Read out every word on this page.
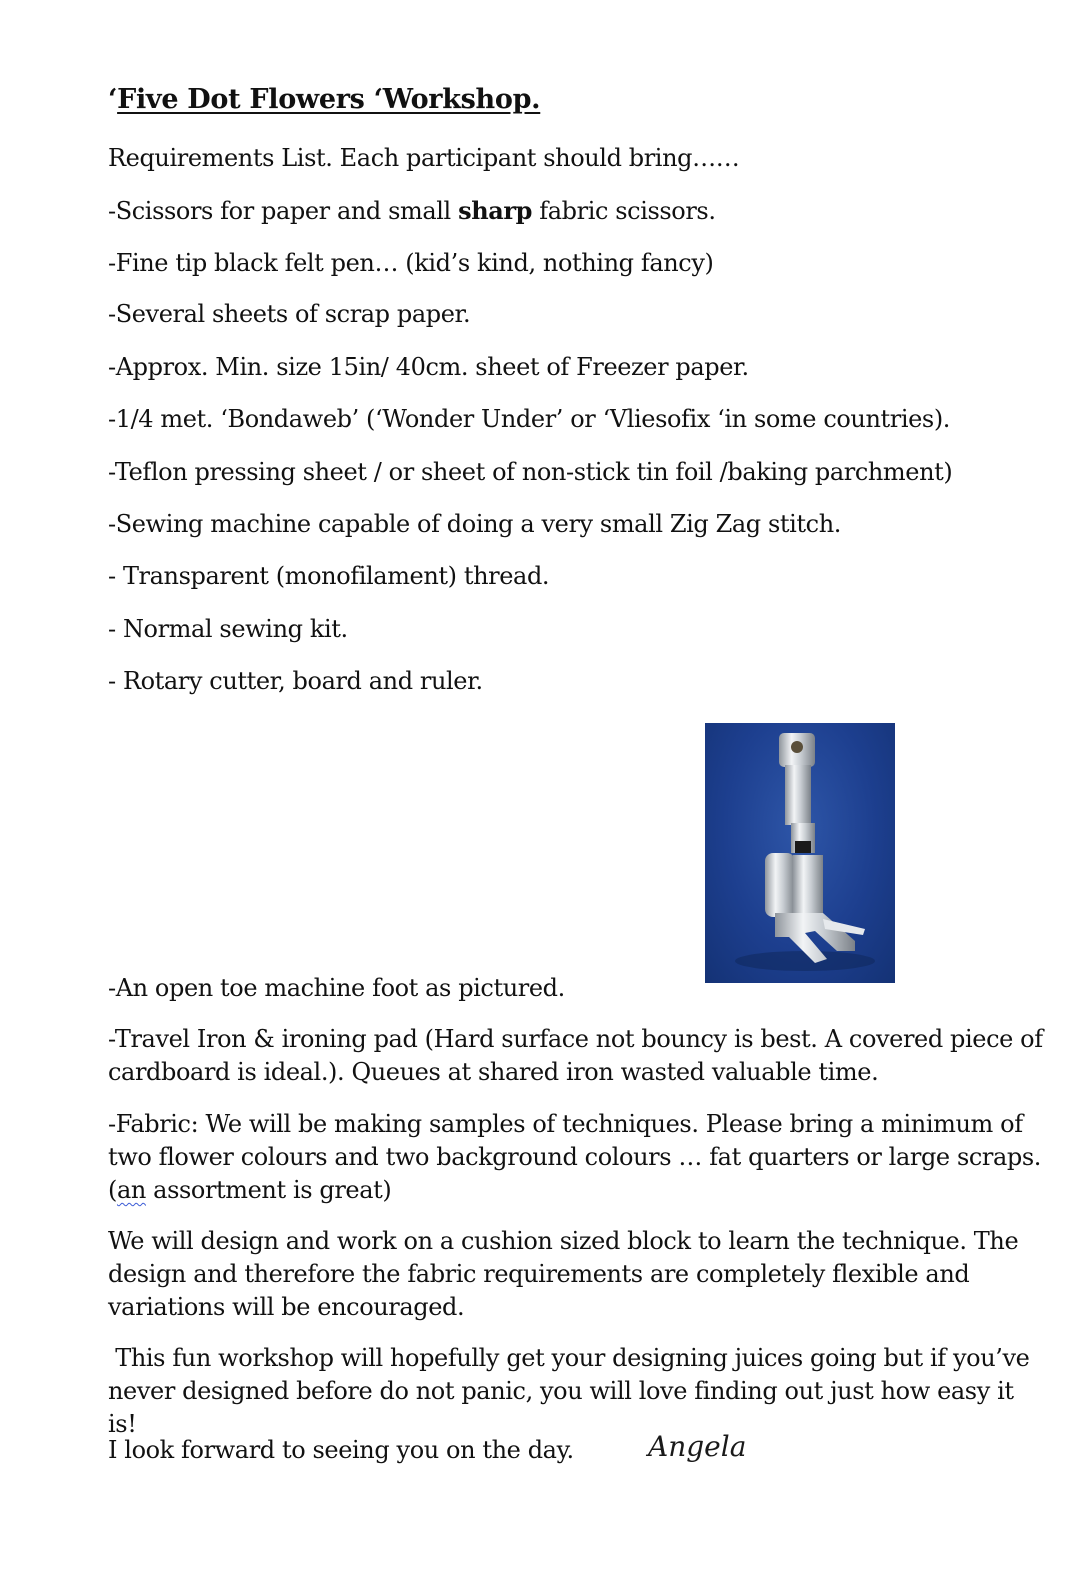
‘Five Dot Flowers ‘Workshop.
Requirements List. Each participant should bring……
-Scissors for paper and small sharp fabric scissors.
-Fine tip black felt pen… (kid’s kind, nothing fancy)
-Several sheets of scrap paper.
-Approx. Min. size 15in/ 40cm. sheet of Freezer paper.
-1/4 met. ‘Bondaweb’ (‘Wonder Under’ or ‘Vliesofix ‘in some countries).
-Teflon pressing sheet / or sheet of non-stick tin foil /baking parchment)
-Sewing machine capable of doing a very small Zig Zag stitch.
- Transparent (monofilament) thread.
- Normal sewing kit.
- Rotary cutter, board and ruler.
-An open toe machine foot as pictured.
-Travel Iron & ironing pad (Hard surface not bouncy is best. A covered piece of cardboard is ideal.). Queues at shared iron wasted valuable time.
-Fabric: We will be making samples of techniques. Please bring a minimum of two flower colours and two background colours … fat quarters or large scraps. (an assortment is great)
We will design and work on a cushion sized block to learn the technique. The design and therefore the fabric requirements are completely flexible and variations will be encouraged.
This fun workshop will hopefully get your designing juices going but if you’ve never designed before do not panic, you will love finding out just how easy it is!
I look forward to seeing you on the day.	Angela
